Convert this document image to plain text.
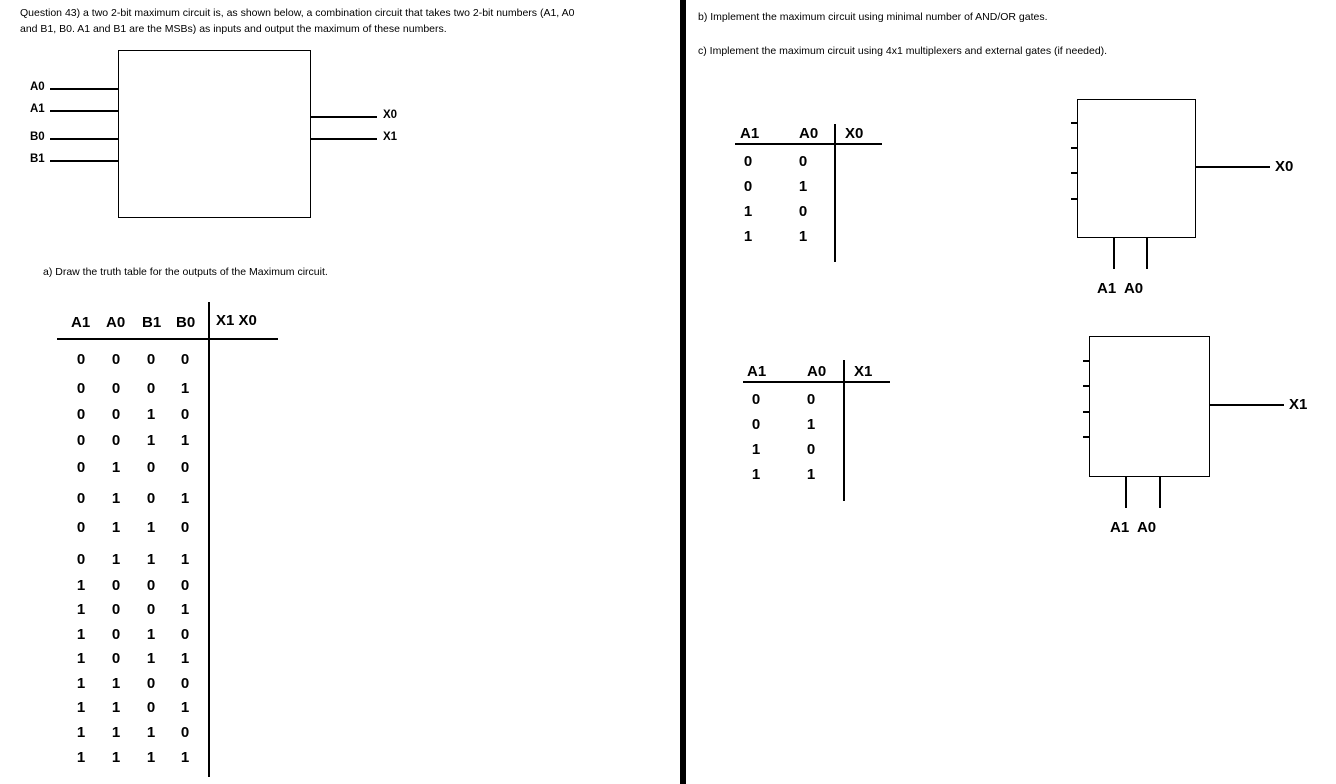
Question 43) a two 2-bit maximum circuit is, as shown below, a combination circuit that takes two 2-bit numbers (A1, A0
and B1, B0. A1 and B1 are the MSBs) as inputs and output the maximum of these numbers.
A0
A1
B0
B1
X0
X1
a) Draw the truth table for the outputs of the Maximum circuit.
A1 A0 B1 B0 X1 X0
0	0	0	0
0	0	0	1
0	0	1	0
0	0	1	1
0	1	0	0
0	1	0	1
0	1	1	0
0	1	1	1
1	0	0	0
1	0	0	1
1	0	1	0
1	0	1	1
1	1	0	0
1	1	0	1
1	1	1	0
1	1	1	1
b) Implement the maximum circuit using minimal number of AND/OR gates.
c) Implement the maximum circuit using 4x1 multiplexers and external gates (if needed).
A1	A0 X0
0	0
0	1
1	0
1	1
A1	A0 X1
0	0
0	1
1	0
1	1
A1  A0
X0
A1  A0
X1
